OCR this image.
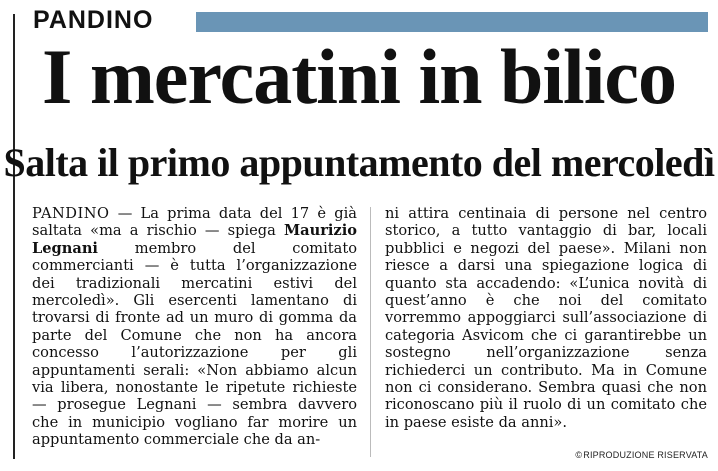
PANDINO
I mercatini in bilico
Salta il primo appuntamento del mercoledì

PANDINO — La prima data del 17 è già saltata «ma a rischio — spiega Maurizio Legnani membro del comitato commercianti — è tutta l’organizzazione dei tradizionali mercatini estivi del mercoledì». Gli esercenti lamentano di trovarsi di fronte ad un muro di gomma da parte del Comune che non ha ancora concesso l’autorizzazione per gli appuntamenti serali: «Non abbiamo alcun via libera, nonostante le ripetute richieste — prosegue Legnani — sembra davvero che in municipio vogliano far morire un appuntamento commerciale che da an-

ni attira centinaia di persone nel centro storico, a tutto vantaggio di bar, locali pubblici e negozi del paese». Milani non riesce a darsi una spiegazione logica di quanto sta accadendo: «L’unica novità di quest’anno è che noi del comitato vorremmo appoggiarci sull’associazione di categoria Asvicom che ci garantirebbe un sostegno nell’organizzazione senza richiederci un contributo. Ma in Comune non ci considerano. Sembra quasi che non riconoscano più il ruolo di un comitato che in paese esiste da anni».

©RIPRODUZIONE RISERVATA
